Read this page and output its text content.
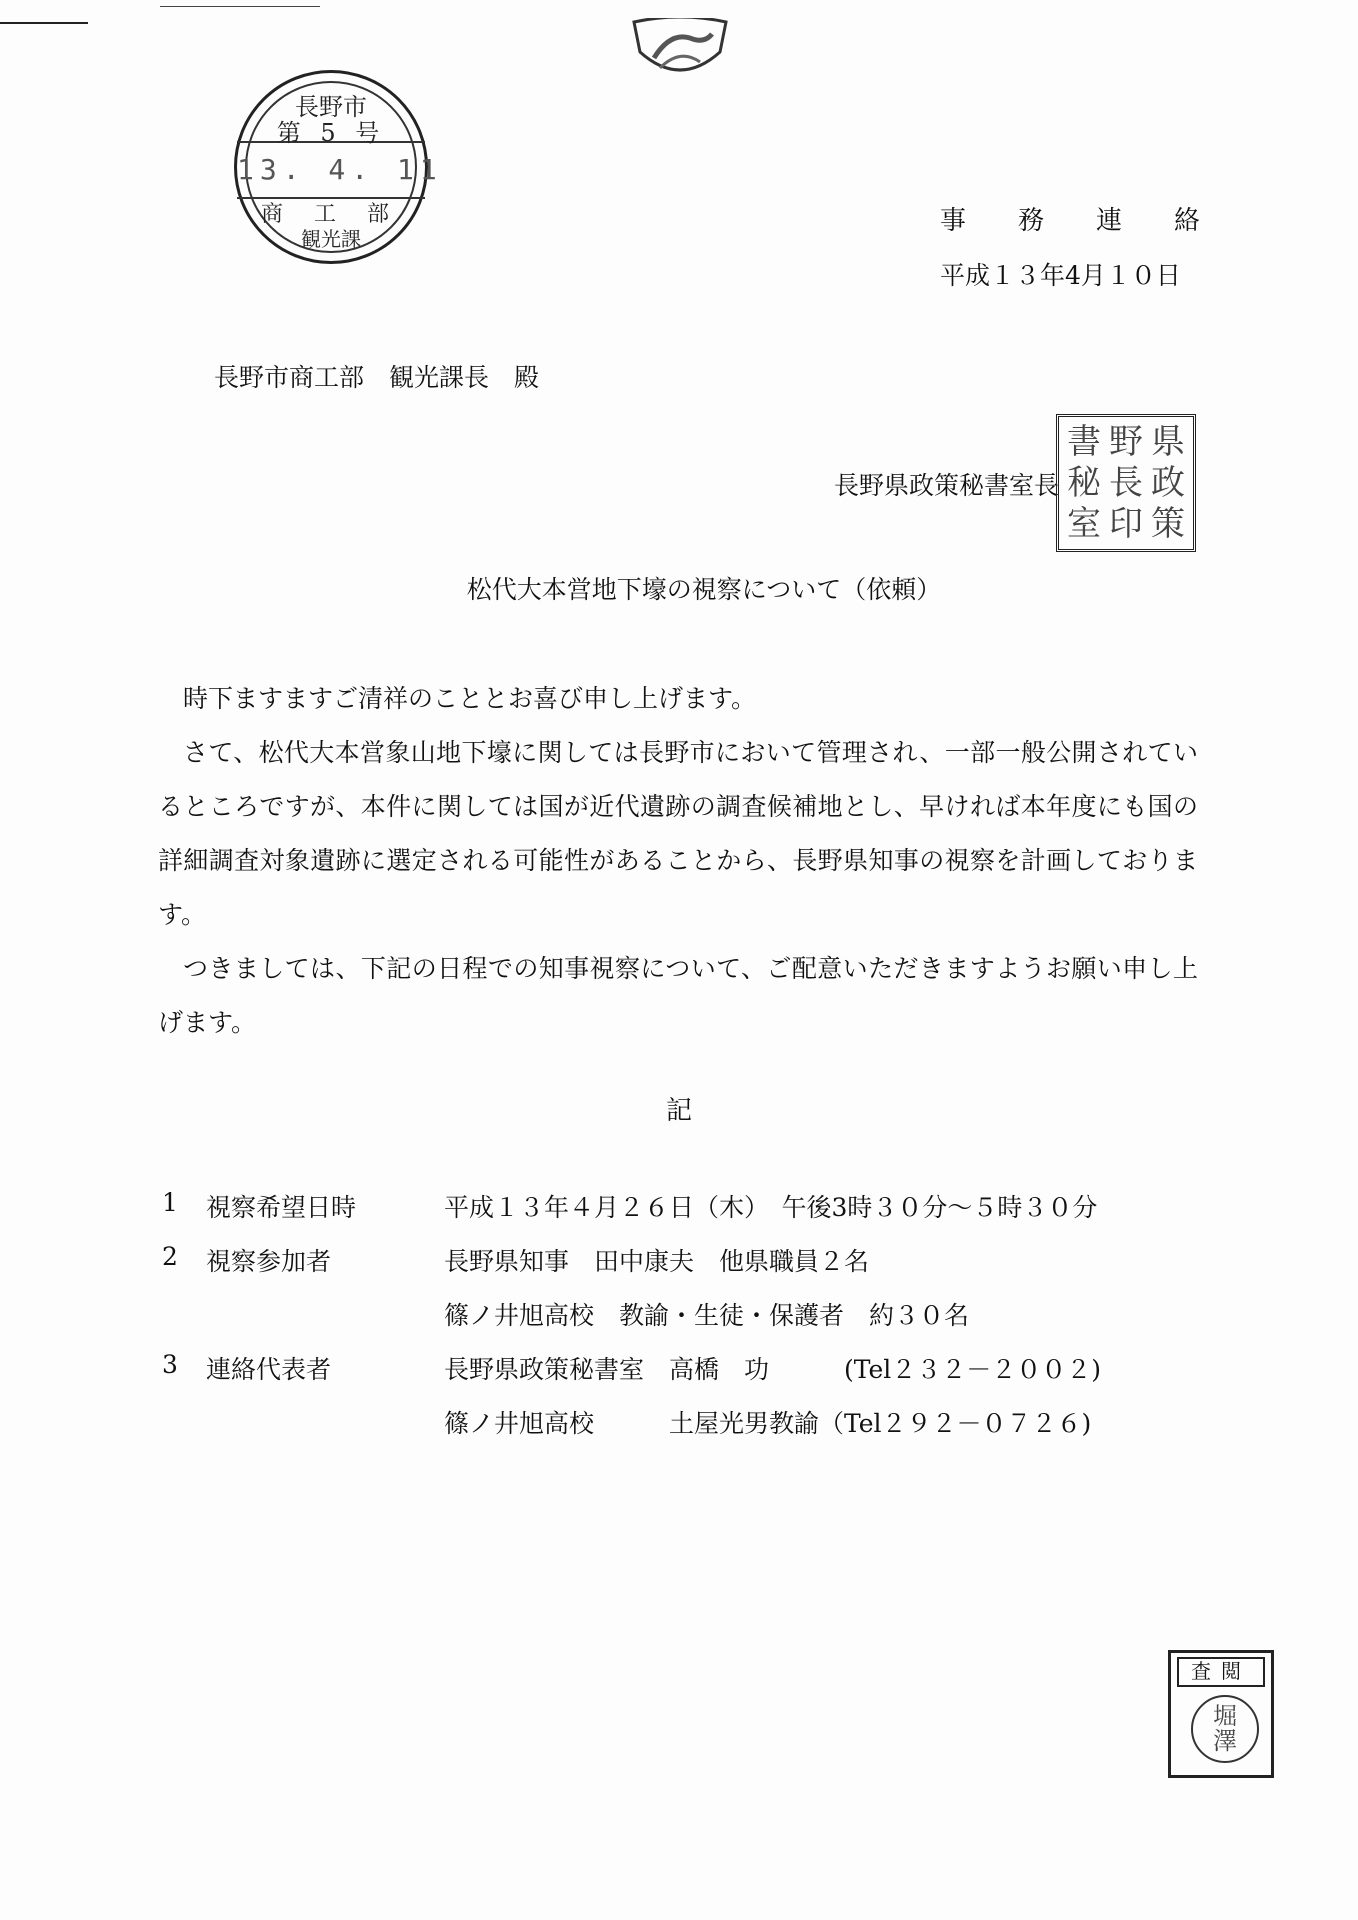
長野市
第 5 号
13. 4. 11
商 工 部
観光課
事 務 連 絡
平成１３年4月１０日
長野市商工部　観光課長　殿
長野県政策秘書室長
書 野 県
秘 長 政
室 印 策
松代大本営地下壕の視察について（依頼）

時下ますますご清祥のこととお喜び申し上げます。

さて、松代大本営象山地下壕に関しては長野市において管理され、一部一般公開されているところですが、本件に関しては国が近代遺跡の調査候補地とし、早ければ本年度にも国の詳細調査対象遺跡に選定される可能性があることから、長野県知事の視察を計画しております。

つきましては、下記の日程での知事視察について、ご配意いただきますようお願い申し上げます。

記
1 視察希望日時	平成１３年４月２６日（木）　午後3時３０分～５時３０分
2 視察参加者	長野県知事　田中康夫　他県職員２名
篠ノ井旭高校　教諭・生徒・保護者　約３０名
3 連絡代表者	長野県政策秘書室　高橋　功　　　(Tel２３２－２００２)
篠ノ井旭高校　　　土屋光男教諭（Tel２９２－０７２６)
査閲
堀
澤
